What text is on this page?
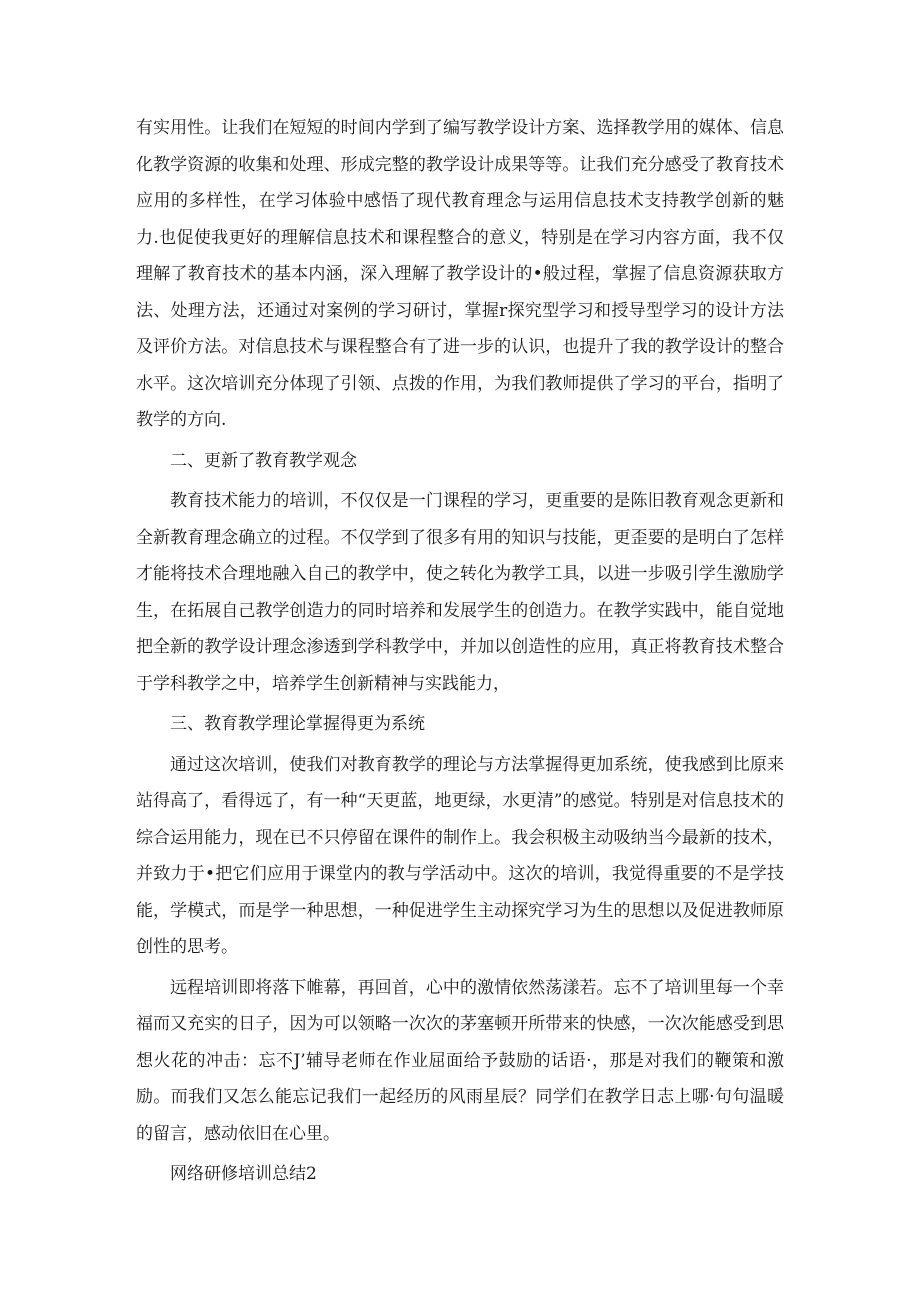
有实用性。让我们在短短的时间内学到了编写教学设计方案、选择教学用的媒体、信息化教学资源的收集和处理、形成完整的教学设计成果等等。让我们充分感受了教育技术应用的多样性，在学习体验中感悟了现代教育理念与运用信息技术支持教学创新的魅力.也促使我更好的理解信息技术和课程整合的意义，特别是在学习内容方面，我不仅理解了教育技术的基本内涵，深入理解了教学设计的•般过程，掌握了信息资源获取方法、处理方法，还通过对案例的学习研讨，掌握r探究型学习和授导型学习的设计方法及评价方法。对信息技术与课程整合有了进一步的认识，也提升了我的教学设计的整合水平。这次培训充分体现了引领、点拨的作用，为我们教师提供了学习的平台，指明了教学的方向.

二、更新了教育教学观念

教育技术能力的培训，不仅仅是一门课程的学习，更重要的是陈旧教育观念更新和全新教育理念确立的过程。不仅学到了很多有用的知识与技能，更歪要的是明白了怎样才能将技术合理地融入自己的教学中，使之转化为教学工具，以进一步吸引学生激励学生，在拓展自己教学创造力的同时培养和发展学生的创造力。在教学实践中，能自觉地把全新的教学设计理念渗透到学科教学中，并加以创造性的应用，真正将教育技术整合于学科教学之中，培养学生创新精神与实践能力，

三、教育教学理论掌握得更为系统

通过这次培训，使我们对教育教学的理论与方法掌握得更加系统，使我感到比原来站得高了，看得远了，有一种“天更蓝，地更绿，水更清”的感觉。特别是对信息技术的综合运用能力，现在已不只停留在课件的制作上。我会积极主动吸纳当今最新的技术，并致力于•把它们应用于课堂内的教与学活动中。这次的培训，我觉得重要的不是学技能，学模式，而是学一种思想，一种促进学生主动探究学习为生的思想以及促进教师原创性的思考。

远程培训即将落下帷幕，再回首，心中的激情依然荡漾若。忘不了培训里每一个幸福而又充实的日子，因为可以领略一次次的茅塞顿开所带来的快感，一次次能感受到思想火花的冲击：忘不J’辅导老师在作业屈面给予鼓励的话语·，那是对我们的鞭策和激励。而我们又怎么能忘记我们一起经历的风雨星辰？同学们在教学日志上哪·句句温暖的留言，感动依旧在心里。

网络研修培训总结2
